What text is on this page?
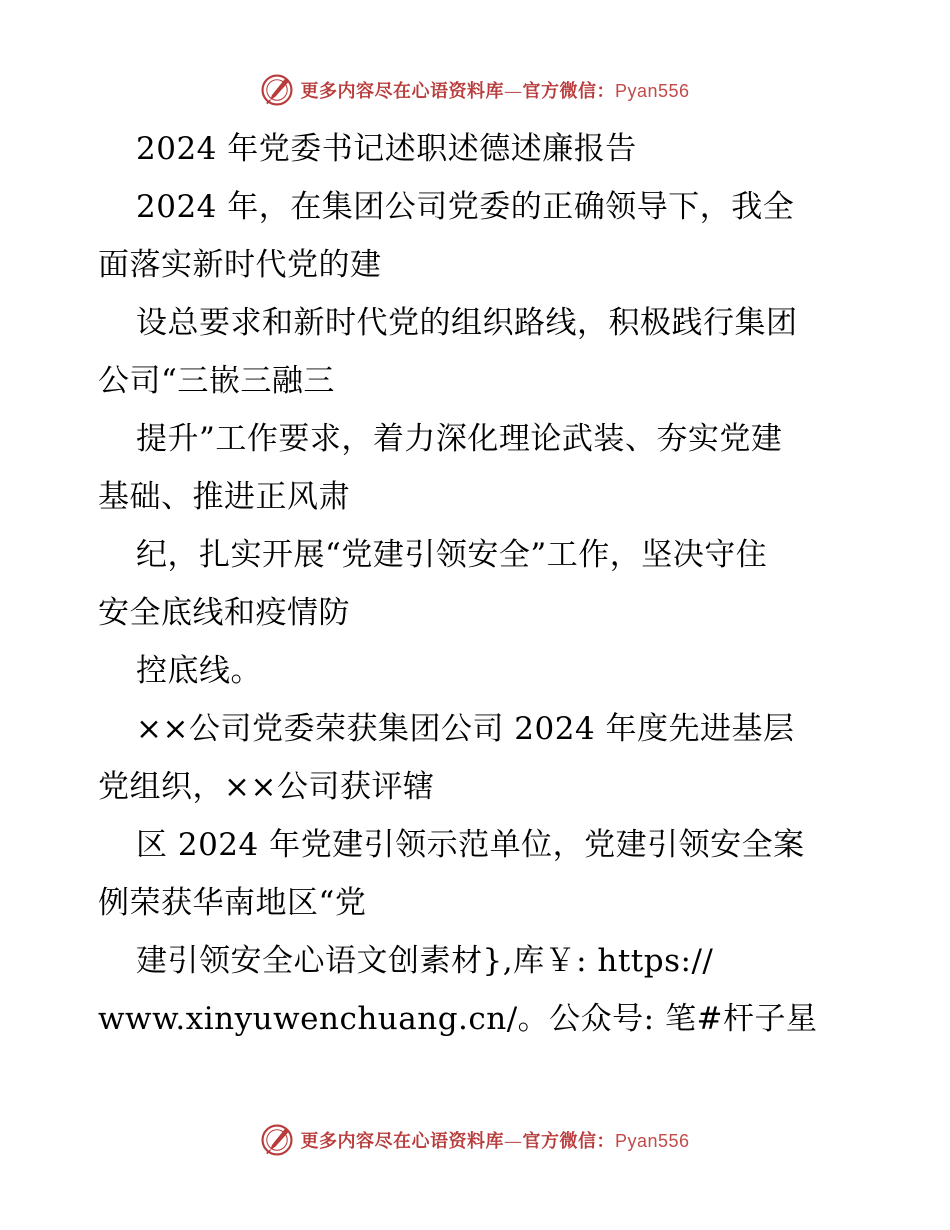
更多内容尽在心语资料库—官方微信：Pyan556
2024 年党委书记述职述德述廉报告
2024 年，在集团公司党委的正确领导下，我全
面落实新时代党的建
设总要求和新时代党的组织路线，积极践行集团
公司“三嵌三融三
提升”工作要求，着力深化理论武装、夯实党建
基础、推进正风肃
纪，扎实开展“党建引领安全”工作，坚决守住
安全底线和疫情防
控底线。
××公司党委荣获集团公司 2024 年度先进基层
党组织，××公司获评辖
区 2024 年党建引领示范单位，党建引领安全案
例荣获华南地区“党
建引领安全心语文创素材},库￥: https://
www.xinyuwenchuang.cn/。公众号: 笔#杆子星
更多内容尽在心语资料库—官方微信：Pyan556
